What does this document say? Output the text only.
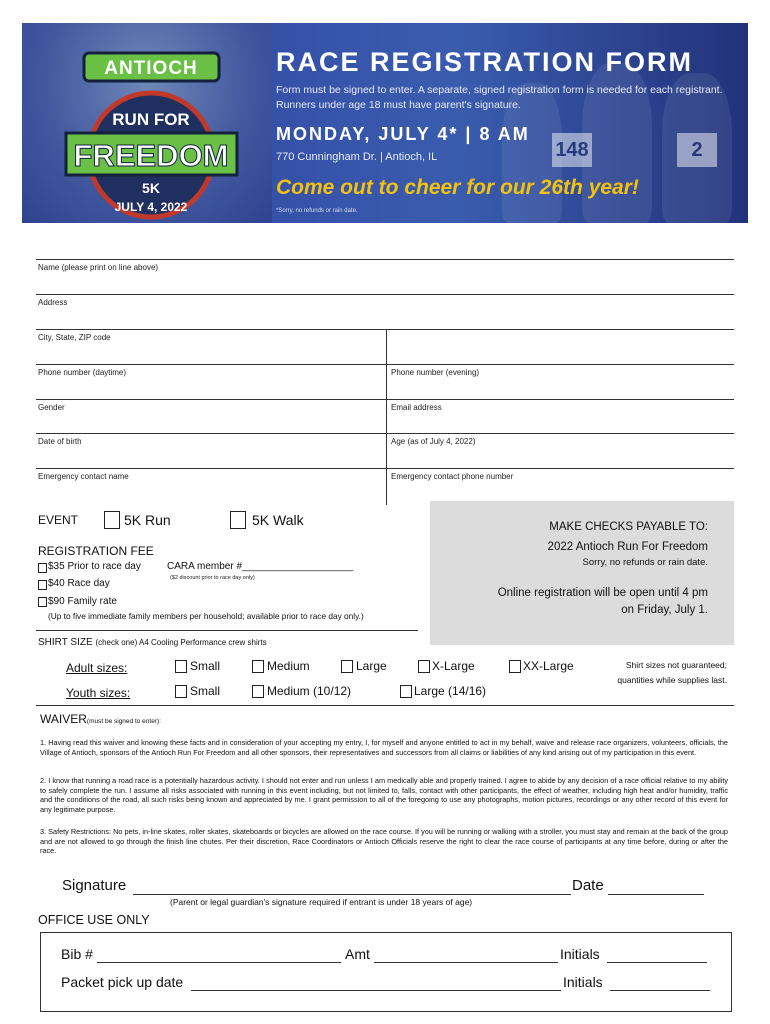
148	2
ANTIOCH
RUN FOR
FREEDOM
5K
JULY 4, 2022
RACE REGISTRATION FORM
Form must be signed to enter. A separate, signed registration form is needed for each registrant. Runners under age 18 must have parent's signature.
MONDAY, JULY 4* | 8 AM
770 Cunningham Dr. | Antioch, IL
Come out to cheer for our 26th year!
*Sorry, no refunds or rain date.
Name (please print on line above)
Address
City, State, ZIP code
Phone number (daytime)	Phone number (evening)
Gender	Email address
Date of birth	Age (as of July 4, 2022)
Emergency contact name	Emergency contact phone number
EVENT	5K Run	5K Walk
REGISTRATION FEE
$35 Prior to race day	CARA member #____________________
($2 discount prior to race day only)
$40 Race day
$90 Family rate
(Up to five immediate family members per household; available prior to race day only.)
MAKE CHECKS PAYABLE TO:
2022 Antioch Run For Freedom
Sorry, no refunds or rain date.
Online registration will be open until 4 pm
on Friday, July 1.
SHIRT SIZE (check one) A4 Cooling Performance crew shirts
Adult sizes:
Youth sizes:
Small	Medium	Large	X-Large	XX-Large
Small	Medium (10/12)	Large (14/16)
Shirt sizes not guaranteed;
quantities while supplies last.
WAIVER(must be signed to enter):
1. Having read this waiver and knowing these facts and in consideration of your accepting my entry, I, for myself and anyone entitled to act in my behalf, waive and release race organizers, volunteers, officials, the Village of Antioch, sponsors of the Antioch Run For Freedom and all other sponsors, their representatives and successors from all claims or liabilities of any kind arising out of my participation in this event.
2. I know that running a road race is a potentially hazardous activity. I should not enter and run unless I am medically able and properly trained. I agree to abide by any decision of a race official relative to my ability to safely complete the run. I assume all risks associated with running in this event including, but not limited to, falls, contact with other participants, the effect of weather, including high heat and/or humidity, traffic and the conditions of the road, all such risks being known and appreciated by me. I grant permission to all of the foregoing to use any photographs, motion pictures, recordings or any other record of this event for any legitimate purpose.
3. Safety Restrictions: No pets, in-line skates, roller skates, skateboards or bicycles are allowed on the race course. If you will be running or walking with a stroller, you must stay and remain at the back of the group and are not allowed to go through the finish line chutes. Per their discretion, Race Coordinators or Antioch Officials reserve the right to clear the race course of participants at any time before, during or after the race.
Signature	Date
(Parent or legal guardian's signature required if entrant is under 18 years of age)
OFFICE USE ONLY
Bib #	Amt	Initials
Packet pick up date	Initials
